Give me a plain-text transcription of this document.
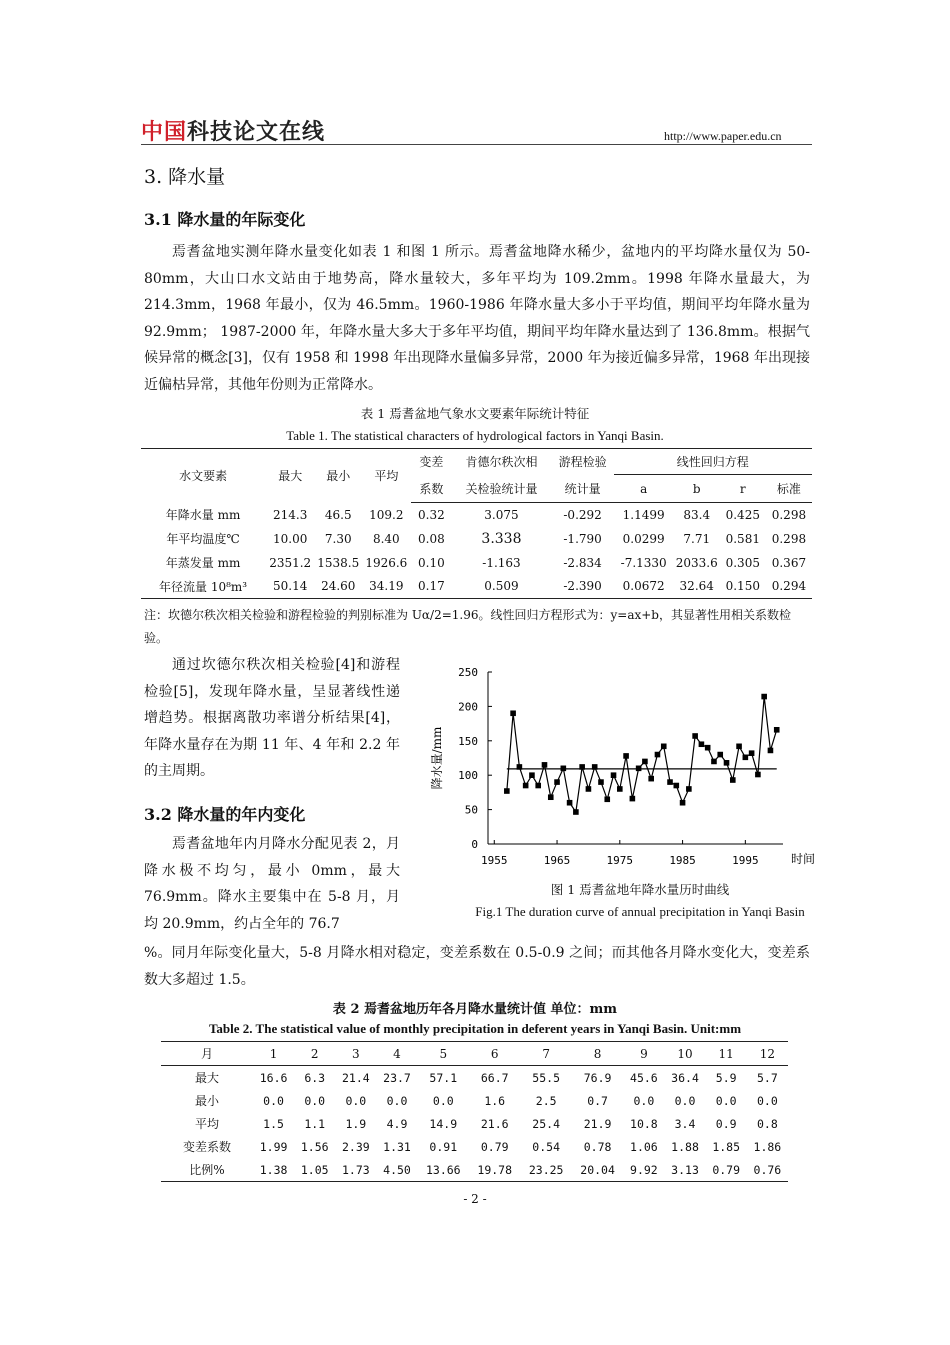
中国科技论文在线	http://www.paper.edu.cn
3. 降水量
3.1 降水量的年际变化

焉耆盆地实测年降水量变化如表 1 和图 1 所示。焉耆盆地降水稀少，盆地内的平均降水量仅为 50-80mm，大山口水文站由于地势高，降水量较大，多年平均为 109.2mm。1998 年降水量最大，为 214.3mm，1968 年最小，仅为 46.5mm。1960-1986 年降水量大多小于平均值，期间平均年降水量为 92.9mm； 1987-2000 年，年降水量大多大于多年平均值，期间平均年降水量达到了 136.8mm。根据气候异常的概念[3]，仅有 1958 和 1998 年出现降水量偏多异常，2000 年为接近偏多异常，1968 年出现接近偏枯异常，其他年份则为正常降水。

表 1 焉耆盆地气象水文要素年际统计特征
Table 1. The statistical characters of hydrological factors in Yanqi Basin.
水文要素	最大	最小	平均	变差	肯德尔秩次相	游程检验	线性回归方程			
				系数	关检验统计量	统计量	a	b	r	标准
年降水量 mm	214.3	46.5	109.2	0.32	3.075	-0.292	1.1499	83.4	0.425	0.298
年平均温度℃	10.00	7.30	8.40	0.08	3.338	-1.790	0.0299	7.71	0.581	0.298
年蒸发量 mm	2351.2	1538.5	1926.6	0.10	-1.163	-2.834	-7.1330	2033.6	0.305	0.367
年径流量 10⁸m³	50.14	24.60	34.19	0.17	0.509	-2.390	0.0672	32.64	0.150	0.294
注：坎德尔秩次相关检验和游程检验的判别标准为 Uα/2=1.96。线性回归方程形式为：y=ax+b，其显著性用相关系数检验。

通过坎德尔秩次相关检验[4]和游程检验[5]，发现年降水量，呈显著线性递增趋势。根据离散功率谱分析结果[4]，年降水量存在为期 11 年、4 年和 2.2 年的主周期。

3.2 降水量的年内变化

焉耆盆地年内月降水分配见表 2，月降水极不均匀，最小 0mm，最大 76.9mm。降水主要集中在 5-8 月，月均 20.9mm，约占全年的 76.7

0
50
100
150
200
250
1955	1965	1975	1985	1995	时间
降水量/mm
图 1 焉耆盆地年降水量历时曲线
Fig.1 The duration curve of annual precipitation in Yanqi Basin

%。同月年际变化量大，5-8 月降水相对稳定，变差系数在 0.5-0.9 之间；而其他各月降水变化大，变差系数大多超过 1.5。

表 2 焉耆盆地历年各月降水量统计值 单位：mm
Table 2. The statistical value of monthly precipitation in deferent years in Yanqi Basin. Unit:mm
月	1	2	3	4	5	6	7	8	9	10	11	12
最大	16.6	6.3	21.4	23.7	57.1	66.7	55.5	76.9	45.6	36.4	5.9	5.7
最小	0.0	0.0	0.0	0.0	0.0	1.6	2.5	0.7	0.0	0.0	0.0	0.0
平均	1.5	1.1	1.9	4.9	14.9	21.6	25.4	21.9	10.8	3.4	0.9	0.8
变差系数	1.99	1.56	2.39	1.31	0.91	0.79	0.54	0.78	1.06	1.88	1.85	1.86
比例%	1.38	1.05	1.73	4.50	13.66	19.78	23.25	20.04	9.92	3.13	0.79	0.76
- 2 -
